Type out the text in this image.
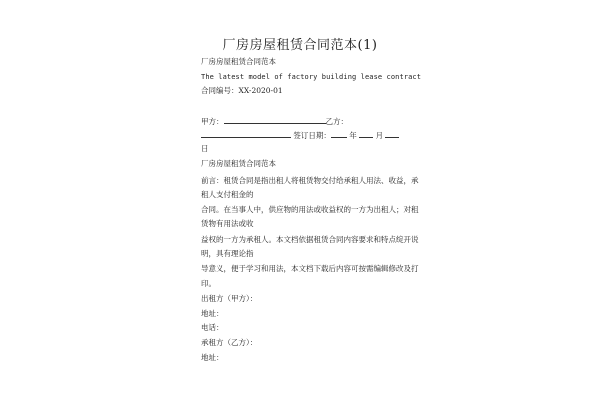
厂房房屋租赁合同范本(1)
厂房房屋租赁合同范本
The latest model of factory building lease contract
合同编号：XX-2020-01
甲方：	乙方：
签订日期： 年	月
日
厂房房屋租赁合同范本
前言：租赁合同是指出租人将租赁物交付给承租人用法、收益，承
租人支付租金的
合同。在当事人中，供应物的用法或收益权的一方为出租人；对租
赁物有用法或收
益权的一方为承租人。本文档依据租赁合同内容要求和特点绽开说
明，具有理论指
导意义，便于学习和用法，本文档下载后内容可按需编辑修改及打
印。
出租方（甲方）：
地址：
电话：
承租方（乙方）：
地址：
